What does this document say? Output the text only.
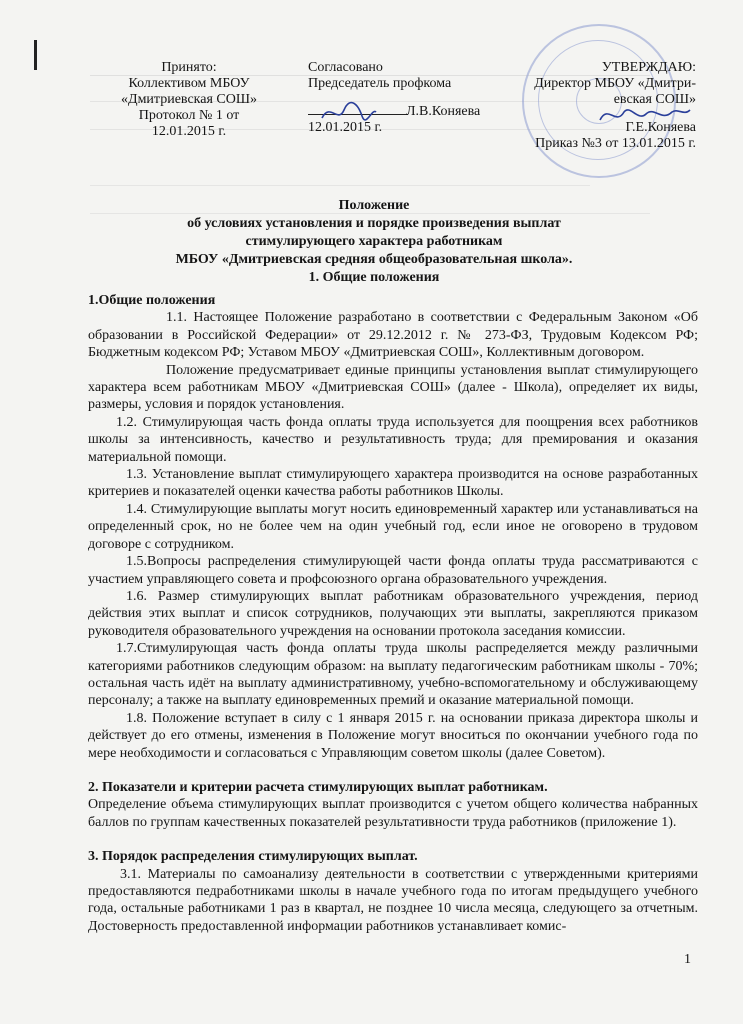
Принято:
Коллективом МБОУ
«Дмитриевская СОШ»
Протокол № 1 от
12.01.2015 г.
Согласовано
Председатель профкома
Л.В.Коняева
12.01.2015 г.
УТВЕРЖДАЮ:
Директор МБОУ «Дмитри-
евская СОШ»
Г.Е.Коняева
Приказ №3 от 13.01.2015 г.
Положение
об условиях установления и порядке произведения выплат
стимулирующего характера работникам
МБОУ «Дмитриевская средняя общеобразовательная школа».
1. Общие положения

1.Общие положения

1.1. Настоящее Положение разработано в соответствии с Федеральным Законом «Об образовании в Российской Федерации» от 29.12.2012 г. № 273-ФЗ, Трудовым Кодексом РФ; Бюджетным кодексом РФ; Уставом МБОУ «Дмитриевская СОШ», Коллективным договором.

Положение предусматривает единые принципы установления выплат стимулирующего характера всем работникам МБОУ «Дмитриевская СОШ» (далее - Школа), определяет их виды, размеры, условия и порядок установления.

1.2. Стимулирующая часть фонда оплаты труда используется для поощрения всех работников школы за интенсивность, качество и результативность труда; для премирования и оказания материальной помощи.

1.3. Установление выплат стимулирующего характера производится на основе разработанных критериев и показателей оценки качества работы работников Школы.

1.4. Стимулирующие выплаты могут носить единовременный характер или устанавливаться на определенный срок, но не более чем на один учебный год, если иное не оговорено в трудовом договоре с сотрудником.

1.5.Вопросы распределения стимулирующей части фонда оплаты труда рассматриваются с участием управляющего совета и профсоюзного органа образовательного учреждения.

1.6. Размер стимулирующих выплат работникам образовательного учреждения, период действия этих выплат и список сотрудников, получающих эти выплаты, закрепляются приказом руководителя образовательного учреждения на основании протокола заседания комиссии.

1.7.Стимулирующая часть фонда оплаты труда школы распределяется между различными категориями работников следующим образом: на выплату педагогическим работникам школы - 70%; остальная часть идёт на выплату административному, учебно-вспомогательному и обслуживающему персоналу; а также на выплату единовременных премий и оказание материальной помощи.

1.8. Положение вступает в силу с 1 января 2015 г. на основании приказа директора школы и действует до его отмены, изменения в Положение могут вноситься по окончании учебного года по мере необходимости и согласоваться с Управляющим советом школы (далее Советом).

2. Показатели и критерии расчета стимулирующих выплат работникам.

Определение объема стимулирующих выплат производится с учетом общего количества набранных баллов по группам качественных показателей результативности труда работников (приложение 1).

3. Порядок распределения стимулирующих выплат.

3.1. Материалы по самоанализу деятельности в соответствии с утвержденными критериями предоставляются педработниками школы в начале учебного года по итогам предыдущего учебного года, остальные работниками 1 раз в квартал, не позднее 10 числа месяца, следующего за отчетным. Достоверность предоставленной информации работников устанавливает комис-

1
